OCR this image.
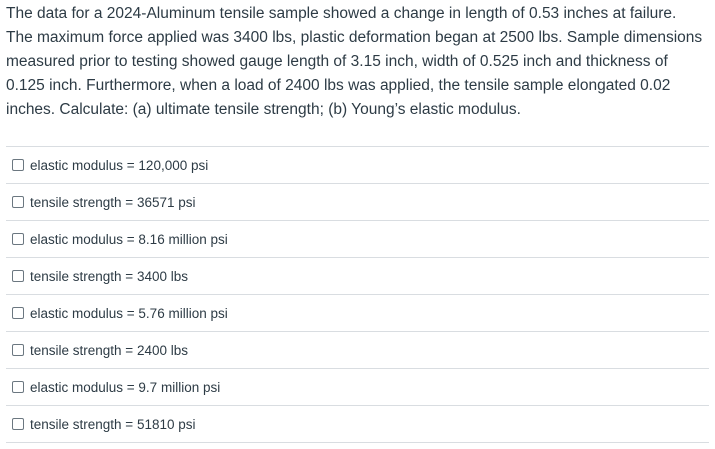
The data for a 2024-Aluminum tensile sample showed a change in length of 0.53 inches at failure. The maximum force applied was 3400 lbs, plastic deformation began at 2500 lbs. Sample dimensions measured prior to testing showed gauge length of 3.15 inch, width of 0.525 inch and thickness of 0.125 inch. Furthermore, when a load of 2400 lbs was applied, the tensile sample elongated 0.02 inches. Calculate: (a) ultimate tensile strength; (b) Young’s elastic modulus.

elastic modulus = 120,000 psi
tensile strength = 36571 psi
elastic modulus = 8.16 million psi
tensile strength = 3400 lbs
elastic modulus = 5.76 million psi
tensile strength = 2400 lbs
elastic modulus = 9.7 million psi
tensile strength = 51810 psi
